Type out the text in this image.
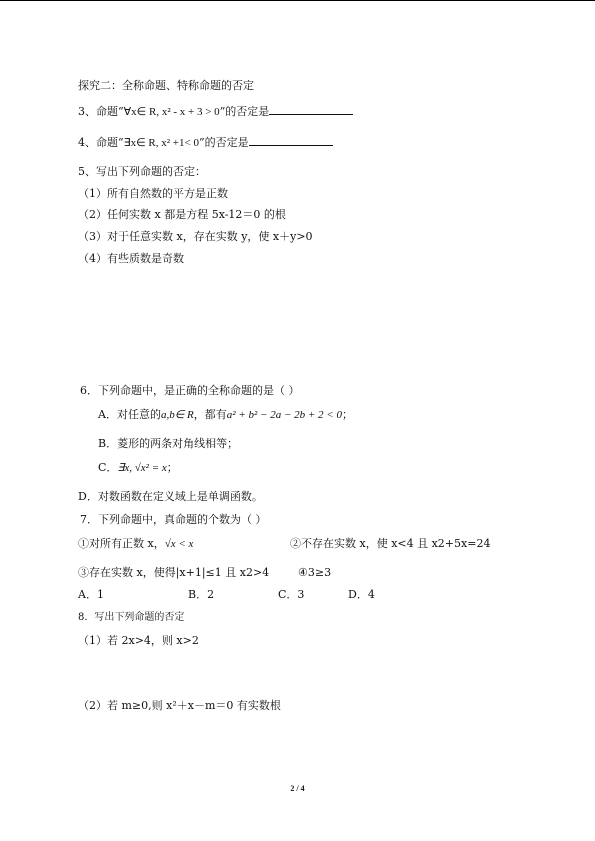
探究二：全称命题、特称命题的否定
3、命题“∀x∈ R, x² - x + 3 > 0”的否定是
4、命题“∃x∈ R, x² +1< 0”的否定是
5、写出下列命题的否定：
（1）所有自然数的平方是正数
（2）任何实数 x 都是方程 5x-12＝0 的根
（3）对于任意实数 x，存在实数 y，使 x＋y>0
（4）有些质数是奇数
6．下列命题中，是正确的全称命题的是（ ）
A．对任意的a,b∈ R，都有a² + b² − 2a − 2b + 2 < 0；
B．菱形的两条对角线相等；
C．∃x, √x² = x；
D．对数函数在定义域上是单调函数。
7．下列命题中，真命题的个数为（ ）
①对所有正数 x，√x < x	②不存在实数 x，使 x<4 且 x2+5x=24
③存在实数 x，使得|x+1|≤1 且 x2>4	④3≥3
A．1	B．2	C．3	D．4
8．写出下列命题的否定
（1）若 2x>4，则 x>2
（2）若 m≥0,则 x²＋x－m＝0 有实数根
2 / 4
